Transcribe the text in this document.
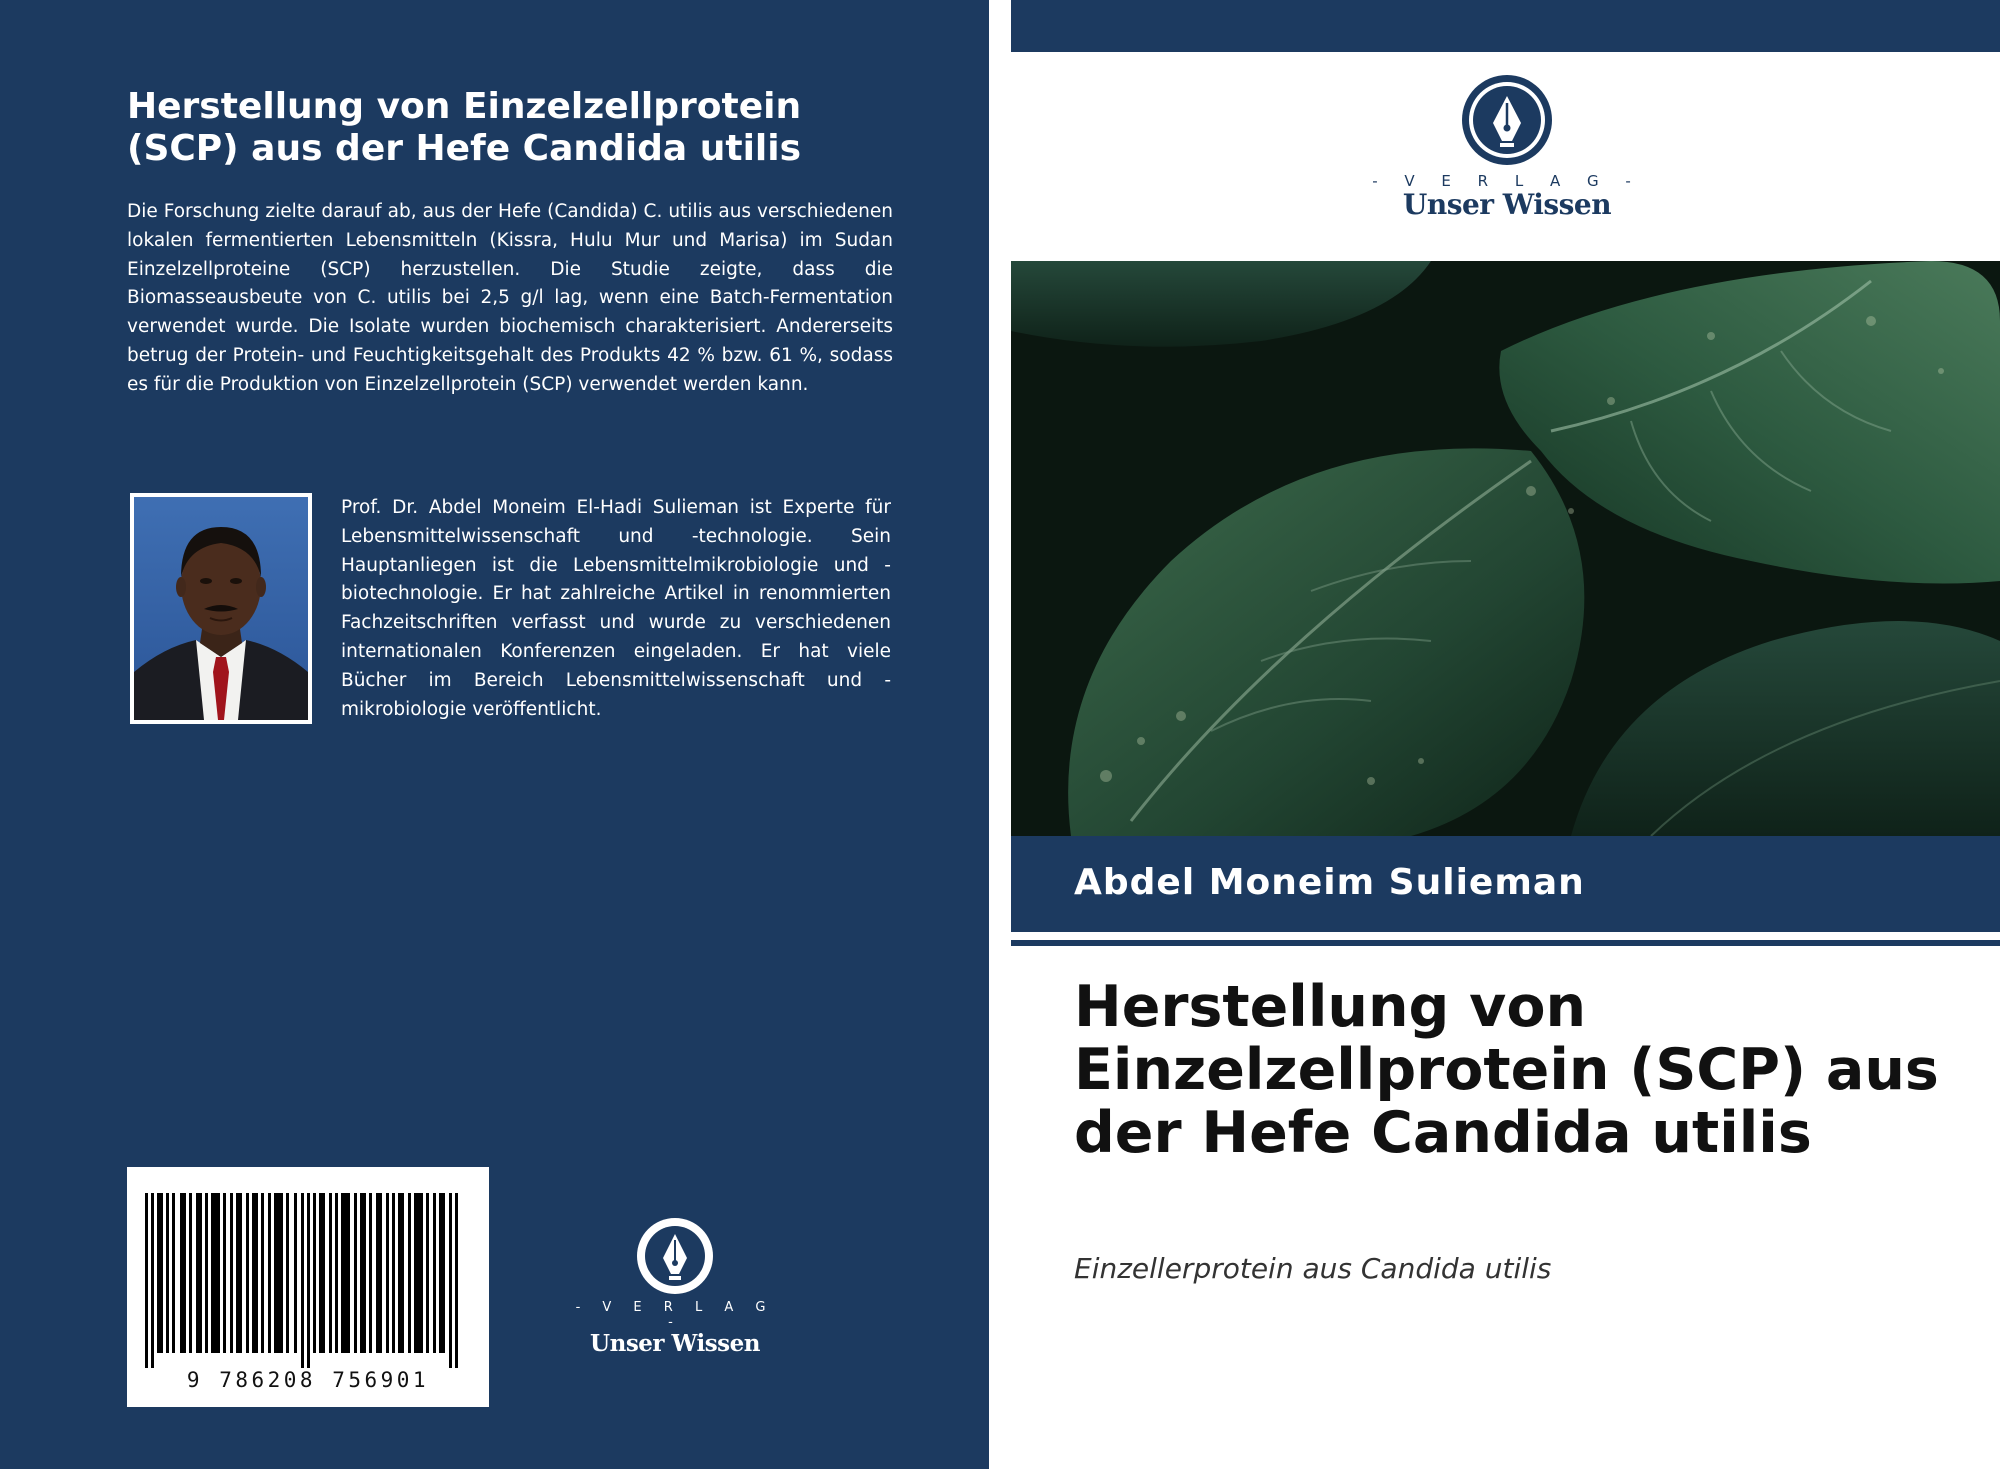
Herstellung von Einzelzellprotein (SCP) aus der Hefe Candida utilis

Die Forschung zielte darauf ab, aus der Hefe (Candida) C. utilis aus verschiedenen lokalen fermentierten Lebensmitteln (Kissra, Hulu Mur und Marisa) im Sudan Einzelzellproteine (SCP) herzustellen. Die Studie zeigte, dass die Biomasseausbeute von C. utilis bei 2,5 g/l lag, wenn eine Batch-Fermentation verwendet wurde. Die Isolate wurden biochemisch charakterisiert. Andererseits betrug der Protein- und Feuchtigkeitsgehalt des Produkts 42 % bzw. 61 %, sodass es für die Produktion von Einzelzellprotein (SCP) verwendet werden kann.

Prof. Dr. Abdel Moneim El-Hadi Sulieman ist Experte für Lebensmittelwissenschaft und -technologie. Sein Hauptanliegen ist die Lebensmittelmikrobiologie und -biotechnologie. Er hat zahlreiche Artikel in renommierten Fachzeitschriften verfasst und wurde zu verschiedenen internationalen Konferenzen eingeladen. Er hat viele Bücher im Bereich Lebensmittelwissenschaft und -mikrobiologie veröffentlicht.

9 786208 756901
- V E R L A G -
Unser Wissen
- V E R L A G -
Unser Wissen
Abdel Moneim Sulieman
Herstellung von Einzelzellprotein (SCP) aus der Hefe Candida utilis

Einzellerprotein aus Candida utilis
